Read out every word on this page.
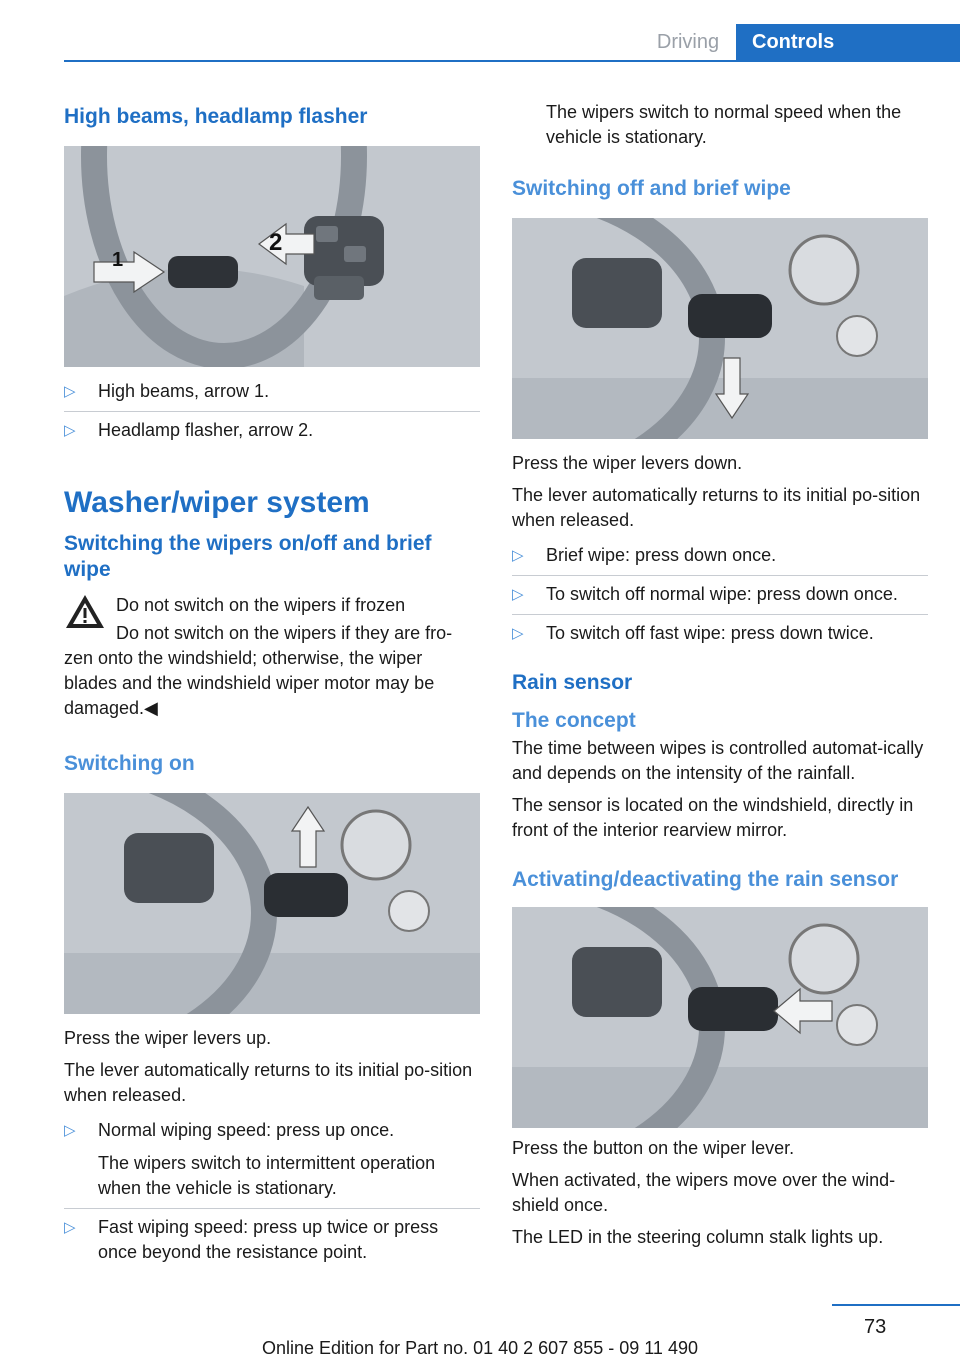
Driving	Controls
High beams, headlamp flasher
1
2
▷ High beams, arrow 1.
▷ Headlamp flasher, arrow 2.
Washer/wiper system
Switching the wipers on/off and brief wipe
Do not switch on the wipers if frozen
Do not switch on the wipers if they are fro-
zen onto the windshield; otherwise, the wiper blades and the windshield wiper motor may be damaged.◀
Switching on
Press the wiper levers up.
The lever automatically returns to its initial po-sition when released.
▷ Normal wiping speed: press up once.
The wipers switch to intermittent operation when the vehicle is stationary.
▷ Fast wiping speed: press up twice or press once beyond the resistance point.
The wipers switch to normal speed when the vehicle is stationary.
Switching off and brief wipe
Press the wiper levers down.
The lever automatically returns to its initial po-sition when released.
▷ Brief wipe: press down once.
▷ To switch off normal wipe: press down once.
▷ To switch off fast wipe: press down twice.
Rain sensor
The concept
The time between wipes is controlled automat-ically and depends on the intensity of the rainfall.
The sensor is located on the windshield, directly in front of the interior rearview mirror.
Activating/deactivating the rain sensor
Press the button on the wiper lever.
When activated, the wipers move over the wind-shield once.
The LED in the steering column stalk lights up.
73
Online Edition for Part no. 01 40 2 607 855 - 09 11 490
